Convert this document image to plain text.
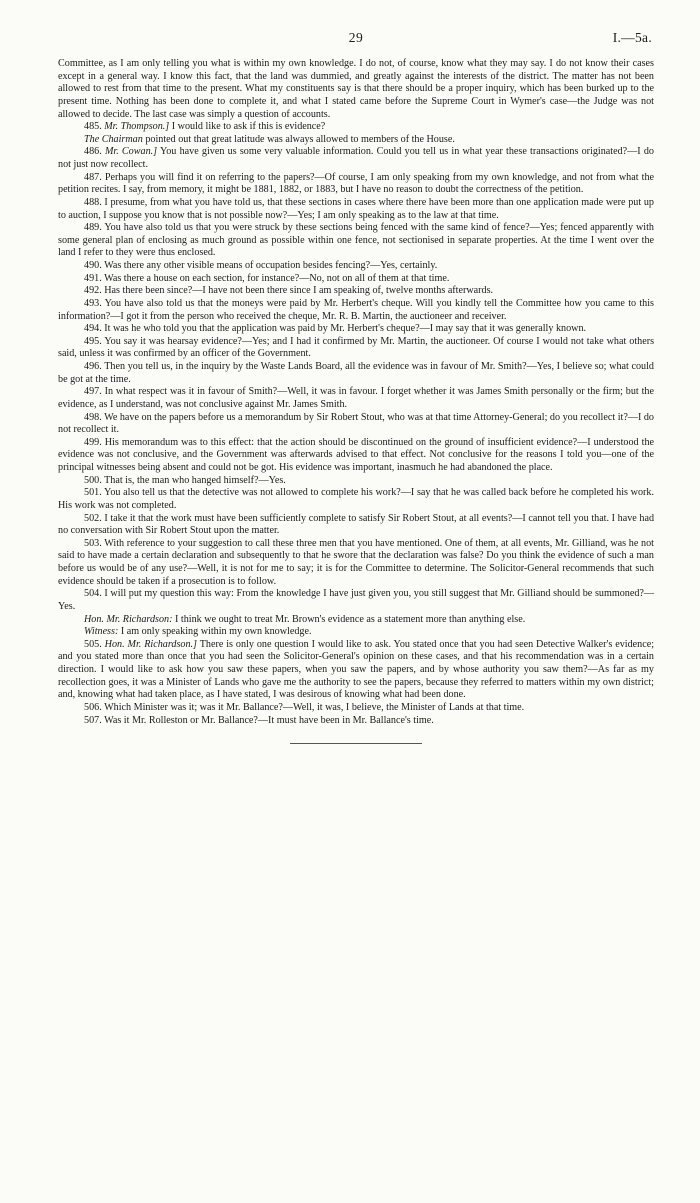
29	I.—5a.

Committee, as I am only telling you what is within my own knowledge. I do not, of course, know what they may say. I do not know their cases except in a general way. I know this fact, that the land was dummied, and greatly against the interests of the district. The matter has not been allowed to rest from that time to the present. What my constituents say is that there should be a proper inquiry, which has been burked up to the present time. Nothing has been done to complete it, and what I stated came before the Supreme Court in Wymer's case—the Judge was not allowed to decide. The last case was simply a question of accounts.

485. Mr. Thompson.] I would like to ask if this is evidence?

The Chairman pointed out that great latitude was always allowed to members of the House.

486. Mr. Cowan.] You have given us some very valuable information. Could you tell us in what year these transactions originated?—I do not just now recollect.

487. Perhaps you will find it on referring to the papers?—Of course, I am only speaking from my own knowledge, and not from what the petition recites. I say, from memory, it might be 1881, 1882, or 1883, but I have no reason to doubt the correctness of the petition.

488. I presume, from what you have told us, that these sections in cases where there have been more than one application made were put up to auction, I suppose you know that is not possible now?—Yes; I am only speaking as to the law at that time.

489. You have also told us that you were struck by these sections being fenced with the same kind of fence?—Yes; fenced apparently with some general plan of enclosing as much ground as possible within one fence, not sectionised in separate properties. At the time I went over the land I refer to they were thus enclosed.

490. Was there any other visible means of occupation besides fencing?—Yes, certainly.

491. Was there a house on each section, for instance?—No, not on all of them at that time.

492. Has there been since?—I have not been there since I am speaking of, twelve months afterwards.

493. You have also told us that the moneys were paid by Mr. Herbert's cheque. Will you kindly tell the Committee how you came to this information?—I got it from the person who received the cheque, Mr. R. B. Martin, the auctioneer and receiver.

494. It was he who told you that the application was paid by Mr. Herbert's cheque?—I may say that it was generally known.

495. You say it was hearsay evidence?—Yes; and I had it confirmed by Mr. Martin, the auctioneer. Of course I would not take what others said, unless it was confirmed by an officer of the Government.

496. Then you tell us, in the inquiry by the Waste Lands Board, all the evidence was in favour of Mr. Smith?—Yes, I believe so; what could be got at the time.

497. In what respect was it in favour of Smith?—Well, it was in favour. I forget whether it was James Smith personally or the firm; but the evidence, as I understand, was not conclusive against Mr. James Smith.

498. We have on the papers before us a memorandum by Sir Robert Stout, who was at that time Attorney-General; do you recollect it?—I do not recollect it.

499. His memorandum was to this effect: that the action should be discontinued on the ground of insufficient evidence?—I understood the evidence was not conclusive, and the Government was afterwards advised to that effect. Not conclusive for the reasons I told you—one of the principal witnesses being absent and could not be got. His evidence was important, inasmuch he had abandoned the place.

500. That is, the man who hanged himself?—Yes.

501. You also tell us that the detective was not allowed to complete his work?—I say that he was called back before he completed his work. His work was not completed.

502. I take it that the work must have been sufficiently complete to satisfy Sir Robert Stout, at all events?—I cannot tell you that. I have had no conversation with Sir Robert Stout upon the matter.

503. With reference to your suggestion to call these three men that you have mentioned. One of them, at all events, Mr. Gilliand, was he not said to have made a certain declaration and subsequently to that he swore that the declaration was false? Do you think the evidence of such a man before us would be of any use?—Well, it is not for me to say; it is for the Committee to determine. The Solicitor-General recommends that such evidence should be taken if a prosecution is to follow.

504. I will put my question this way: From the knowledge I have just given you, you still suggest that Mr. Gilliand should be summoned?—Yes.

Hon. Mr. Richardson: I think we ought to treat Mr. Brown's evidence as a statement more than anything else.

Witness: I am only speaking within my own knowledge.

505. Hon. Mr. Richardson.] There is only one question I would like to ask. You stated once that you had seen Detective Walker's evidence; and you stated more than once that you had seen the Solicitor-General's opinion on these cases, and that his recommendation was in a certain direction. I would like to ask how you saw these papers, when you saw the papers, and by whose authority you saw them?—As far as my recollection goes, it was a Minister of Lands who gave me the authority to see the papers, because they referred to matters within my own district; and, knowing what had taken place, as I have stated, I was desirous of knowing what had been done.

506. Which Minister was it; was it Mr. Ballance?—Well, it was, I believe, the Minister of Lands at that time.

507. Was it Mr. Rolleston or Mr. Ballance?—It must have been in Mr. Ballance's time.
